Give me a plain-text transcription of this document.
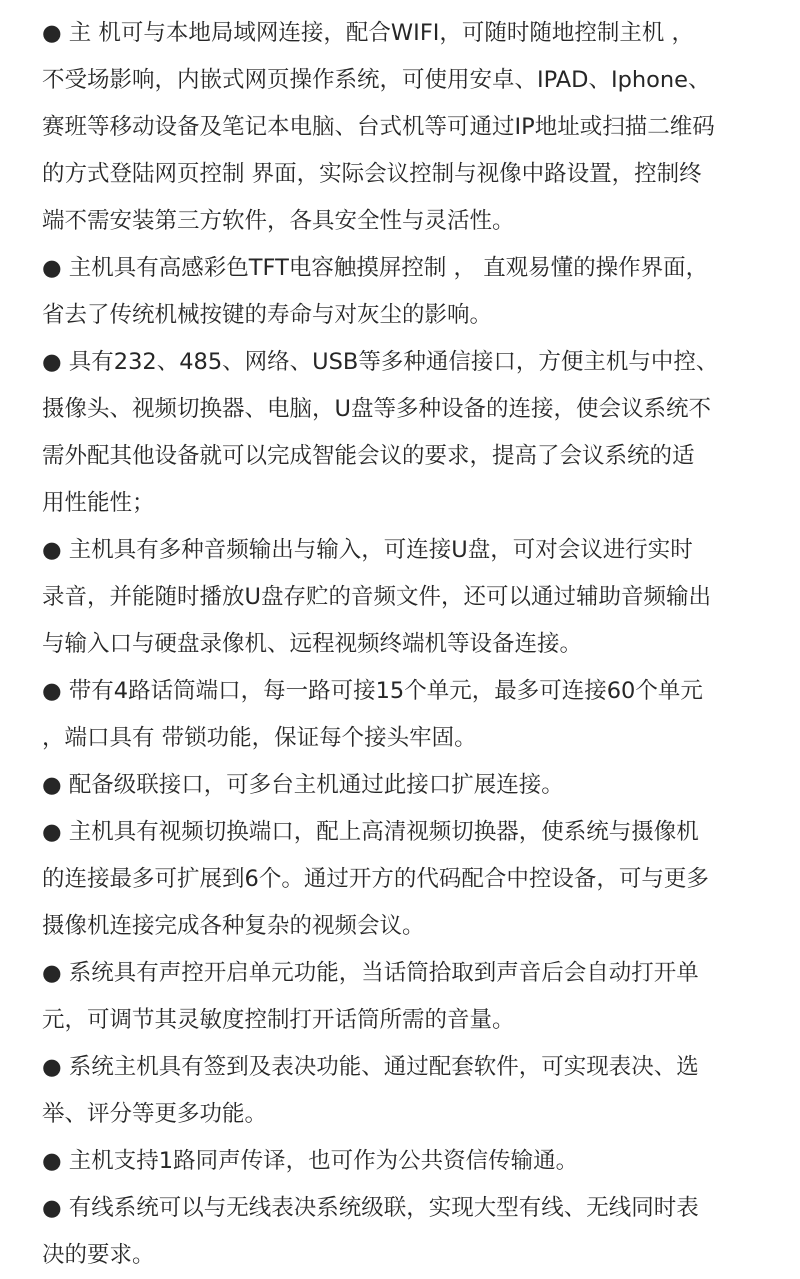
● 主 机可与本地局域网连接，配合WIFI，可随时随地控制主机 ，
不受场影响，内嵌式网页操作系统，可使用安卓、IPAD、Iphone、
赛班等移动设备及笔记本电脑、台式机等可通过IP地址或扫描二维码
的方式登陆网页控制 界面，实际会议控制与视像中路设置，控制终
端不需安装第三方软件，各具安全性与灵活性。
● 主机具有高感彩色TFT电容触摸屏控制 ， 直观易懂的操作界面，
省去了传统机械按键的寿命与对灰尘的影响。
● 具有232、485、网络、USB等多种通信接口，方便主机与中控、
摄像头、视频切换器、电脑，U盘等多种设备的连接，使会议系统不
需外配其他设备就可以完成智能会议的要求，提高了会议系统的适
用性能性；
● 主机具有多种音频输出与输入，可连接U盘，可对会议进行实时
录音，并能随时播放U盘存贮的音频文件，还可以通过辅助音频输出
与输入口与硬盘录像机、远程视频终端机等设备连接。
● 带有4路话筒端口，每一路可接15个单元，最多可连接60个单元
，端口具有 带锁功能，保证每个接头牢固。
● 配备级联接口，可多台主机通过此接口扩展连接。
● 主机具有视频切换端口，配上高清视频切换器，使系统与摄像机
的连接最多可扩展到6个。通过开方的代码配合中控设备，可与更多
摄像机连接完成各种复杂的视频会议。
● 系统具有声控开启单元功能，当话筒拾取到声音后会自动打开单
元，可调节其灵敏度控制打开话筒所需的音量。
● 系统主机具有签到及表决功能、通过配套软件，可实现表决、选
举、评分等更多功能。
● 主机支持1路同声传译，也可作为公共资信传输通。
● 有线系统可以与无线表决系统级联，实现大型有线、无线同时表
决的要求。
